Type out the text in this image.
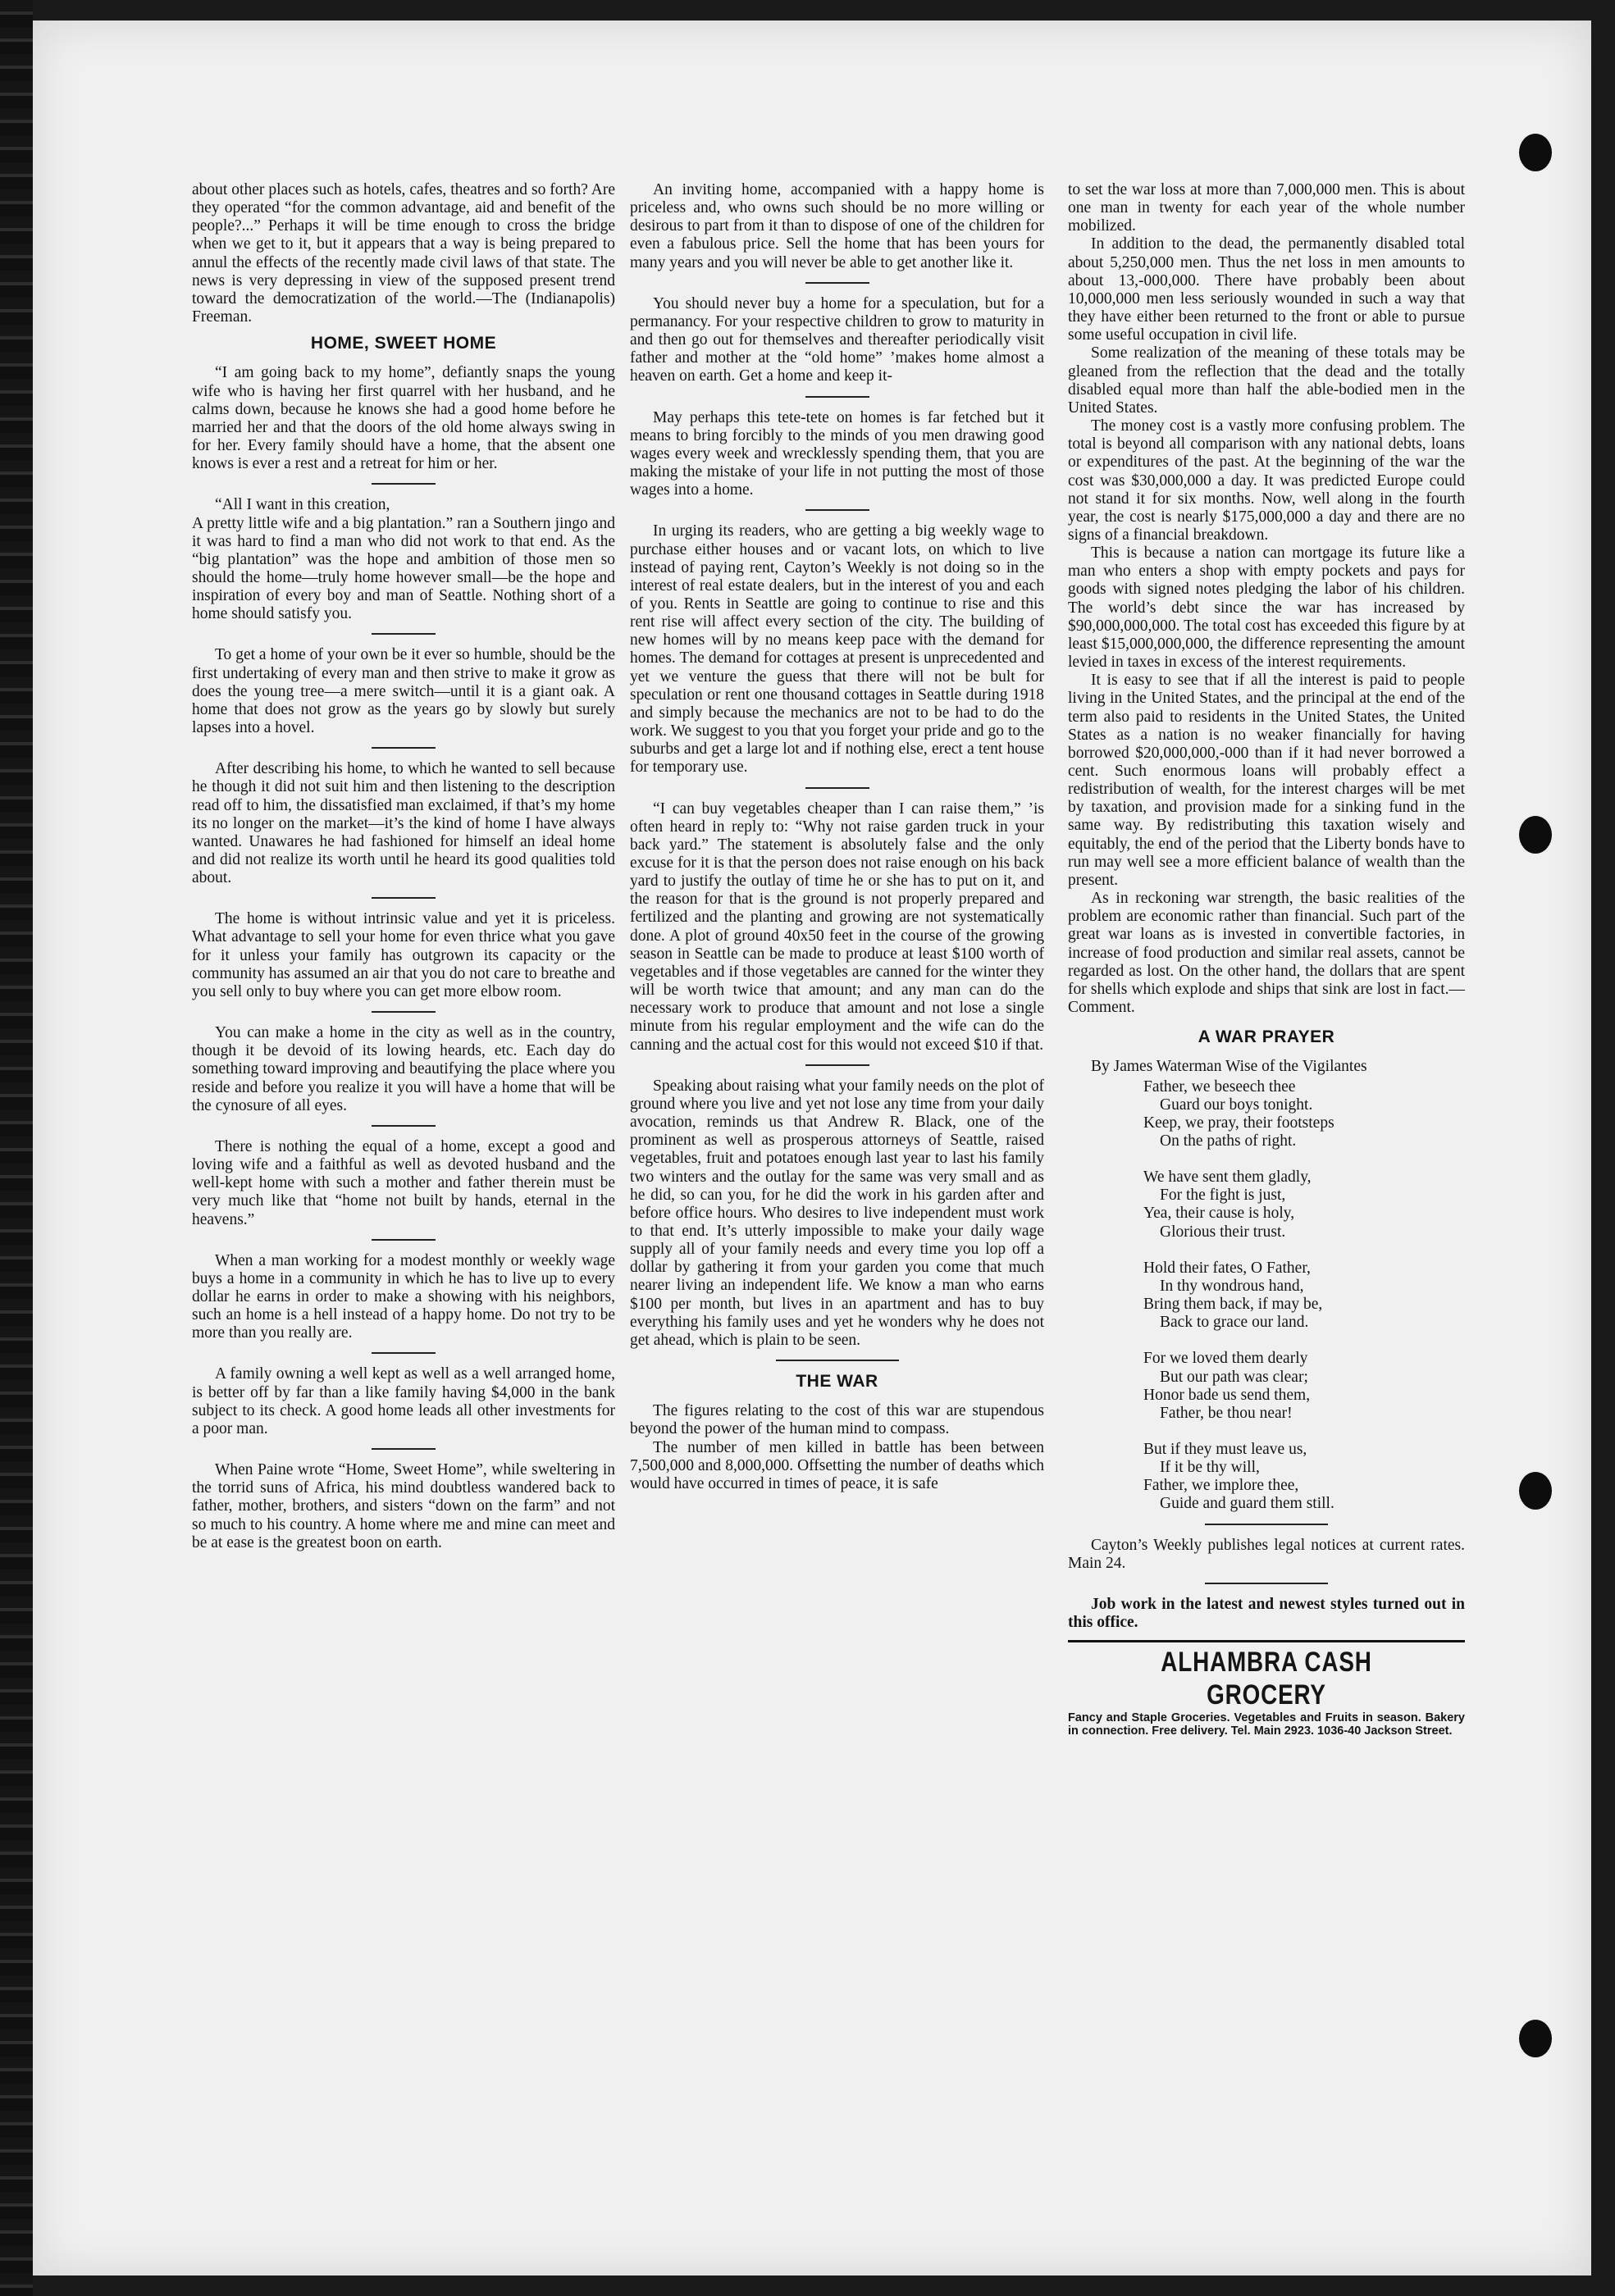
about other places such as hotels, cafes, theatres and so forth? Are they operated “for the common advantage, aid and benefit of the people?...” Perhaps it will be time enough to cross the bridge when we get to it, but it appears that a way is being prepared to annul the effects of the recently made civil laws of that state. The news is very depressing in view of the supposed present trend toward the democratization of the world.—The (Indianapolis) Freeman.

HOME, SWEET HOME

“I am going back to my home”, defiantly snaps the young wife who is having her first quarrel with her husband, and he calms down, because he knows she had a good home before he married her and that the doors of the old home always swing in for her. Every family should have a home, that the absent one knows is ever a rest and a retreat for him or her.

“All I want in this creation,

A pretty little wife and a big plantation.” ran a Southern jingo and it was hard to find a man who did not work to that end. As the “big plantation” was the hope and ambition of those men so should the home—truly home however small—be the hope and inspiration of every boy and man of Seattle. Nothing short of a home should satisfy you.

To get a home of your own be it ever so humble, should be the first undertaking of every man and then strive to make it grow as does the young tree—a mere switch—until it is a giant oak. A home that does not grow as the years go by slowly but surely lapses into a hovel.

After describing his home, to which he wanted to sell because he though it did not suit him and then listening to the description read off to him, the dissatisfied man exclaimed, if that’s my home its no longer on the market—it’s the kind of home I have always wanted. Unawares he had fashioned for himself an ideal home and did not realize its worth until he heard its good qualities told about.

The home is without intrinsic value and yet it is priceless. What advantage to sell your home for even thrice what you gave for it unless your family has outgrown its capacity or the community has assumed an air that you do not care to breathe and you sell only to buy where you can get more elbow room.

You can make a home in the city as well as in the country, though it be devoid of its lowing heards, etc. Each day do something toward improving and beautifying the place where you reside and before you realize it you will have a home that will be the cynosure of all eyes.

There is nothing the equal of a home, except a good and loving wife and a faithful as well as devoted husband and the well-kept home with such a mother and father therein must be very much like that “home not built by hands, eternal in the heavens.”

When a man working for a modest monthly or weekly wage buys a home in a community in which he has to live up to every dollar he earns in order to make a showing with his neighbors, such an home is a hell instead of a happy home. Do not try to be more than you really are.

A family owning a well kept as well as a well arranged home, is better off by far than a like family having $4,000 in the bank subject to its check. A good home leads all other investments for a poor man.

When Paine wrote “Home, Sweet Home”, while sweltering in the torrid suns of Africa, his mind doubtless wandered back to father, mother, brothers, and sisters “down on the farm” and not so much to his country. A home where me and mine can meet and be at ease is the greatest boon on earth.

An inviting home, accompanied with a happy home is priceless and, who owns such should be no more willing or desirous to part from it than to dispose of one of the children for even a fabulous price. Sell the home that has been yours for many years and you will never be able to get another like it.

You should never buy a home for a speculation, but for a permanancy. For your respective children to grow to maturity in and then go out for themselves and thereafter periodically visit father and mother at the “old home” ’makes home almost a heaven on earth. Get a home and keep it-

May perhaps this tete-tete on homes is far fetched but it means to bring forcibly to the minds of you men drawing good wages every week and wrecklessly spending them, that you are making the mistake of your life in not putting the most of those wages into a home.

In urging its readers, who are getting a big weekly wage to purchase either houses and or vacant lots, on which to live instead of paying rent, Cayton’s Weekly is not doing so in the interest of real estate dealers, but in the interest of you and each of you. Rents in Seattle are going to continue to rise and this rent rise will affect every section of the city. The building of new homes will by no means keep pace with the demand for homes. The demand for cottages at present is unprecedented and yet we venture the guess that there will not be bult for speculation or rent one thousand cottages in Seattle during 1918 and simply because the mechanics are not to be had to do the work. We suggest to you that you forget your pride and go to the suburbs and get a large lot and if nothing else, erect a tent house for temporary use.

“I can buy vegetables cheaper than I can raise them,” ’is often heard in reply to: “Why not raise garden truck in your back yard.” The statement is absolutely false and the only excuse for it is that the person does not raise enough on his back yard to justify the outlay of time he or she has to put on it, and the reason for that is the ground is not properly prepared and fertilized and the planting and growing are not systematically done. A plot of ground 40x50 feet in the course of the growing season in Seattle can be made to produce at least $100 worth of vegetables and if those vegetables are canned for the winter they will be worth twice that amount; and any man can do the necessary work to produce that amount and not lose a single minute from his regular employment and the wife can do the canning and the actual cost for this would not exceed $10 if that.

Speaking about raising what your family needs on the plot of ground where you live and yet not lose any time from your daily avocation, reminds us that Andrew R. Black, one of the prominent as well as prosperous attorneys of Seattle, raised vegetables, fruit and potatoes enough last year to last his family two winters and the outlay for the same was very small and as he did, so can you, for he did the work in his garden after and before office hours. Who desires to live independent must work to that end. It’s utterly impossible to make your daily wage supply all of your family needs and every time you lop off a dollar by gathering it from your garden you come that much nearer living an independent life. We know a man who earns $100 per month, but lives in an apartment and has to buy everything his family uses and yet he wonders why he does not get ahead, which is plain to be seen.

THE WAR

The figures relating to the cost of this war are stupendous beyond the power of the human mind to compass.

The number of men killed in battle has been between 7,500,000 and 8,000,000. Offsetting the number of deaths which would have occurred in times of peace, it is safe

to set the war loss at more than 7,000,000 men. This is about one man in twenty for each year of the whole number mobilized.

In addition to the dead, the permanently disabled total about 5,250,000 men. Thus the net loss in men amounts to about 13,-000,000. There have probably been about 10,000,000 men less seriously wounded in such a way that they have either been returned to the front or able to pursue some useful occupation in civil life.

Some realization of the meaning of these totals may be gleaned from the reflection that the dead and the totally disabled equal more than half the able-bodied men in the United States.

The money cost is a vastly more confusing problem. The total is beyond all comparison with any national debts, loans or expenditures of the past. At the beginning of the war the cost was $30,000,000 a day. It was predicted Europe could not stand it for six months. Now, well along in the fourth year, the cost is nearly $175,000,000 a day and there are no signs of a financial breakdown.

This is because a nation can mortgage its future like a man who enters a shop with empty pockets and pays for goods with signed notes pledging the labor of his children. The world’s debt since the war has increased by $90,000,000,000. The total cost has exceeded this figure by at least $15,000,000,000, the difference representing the amount levied in taxes in excess of the interest requirements.

It is easy to see that if all the interest is paid to people living in the United States, and the principal at the end of the term also paid to residents in the United States, the United States as a nation is no weaker financially for having borrowed $20,000,000,-000 than if it had never borrowed a cent. Such enormous loans will probably effect a redistribution of wealth, for the interest charges will be met by taxation, and provision made for a sinking fund in the same way. By redistributing this taxation wisely and equitably, the end of the period that the Liberty bonds have to run may well see a more efficient balance of wealth than the present.

As in reckoning war strength, the basic realities of the problem are economic rather than financial. Such part of the great war loans as is invested in convertible factories, in increase of food production and similar real assets, cannot be regarded as lost. On the other hand, the dollars that are spent for shells which explode and ships that sink are lost in fact.—Comment.

A WAR PRAYER

By James Waterman Wise of the Vigilantes

Father, we beseech thee

Guard our boys tonight.

Keep, we pray, their footsteps

On the paths of right.

We have sent them gladly,

For the fight is just,

Yea, their cause is holy,

Glorious their trust.

Hold their fates, O Father,

In thy wondrous hand,

Bring them back, if may be,

Back to grace our land.

For we loved them dearly

But our path was clear;

Honor bade us send them,

Father, be thou near!

But if they must leave us,

If it be thy will,

Father, we implore thee,

Guide and guard them still.

Cayton’s Weekly publishes legal notices at current rates. Main 24.

Job work in the latest and newest styles turned out in this office.

ALHAMBRA CASH GROCERY
Fancy and Staple Groceries. Vegetables and Fruits in season. Bakery in connection. Free delivery. Tel. Main 2923. 1036-40 Jackson Street.
